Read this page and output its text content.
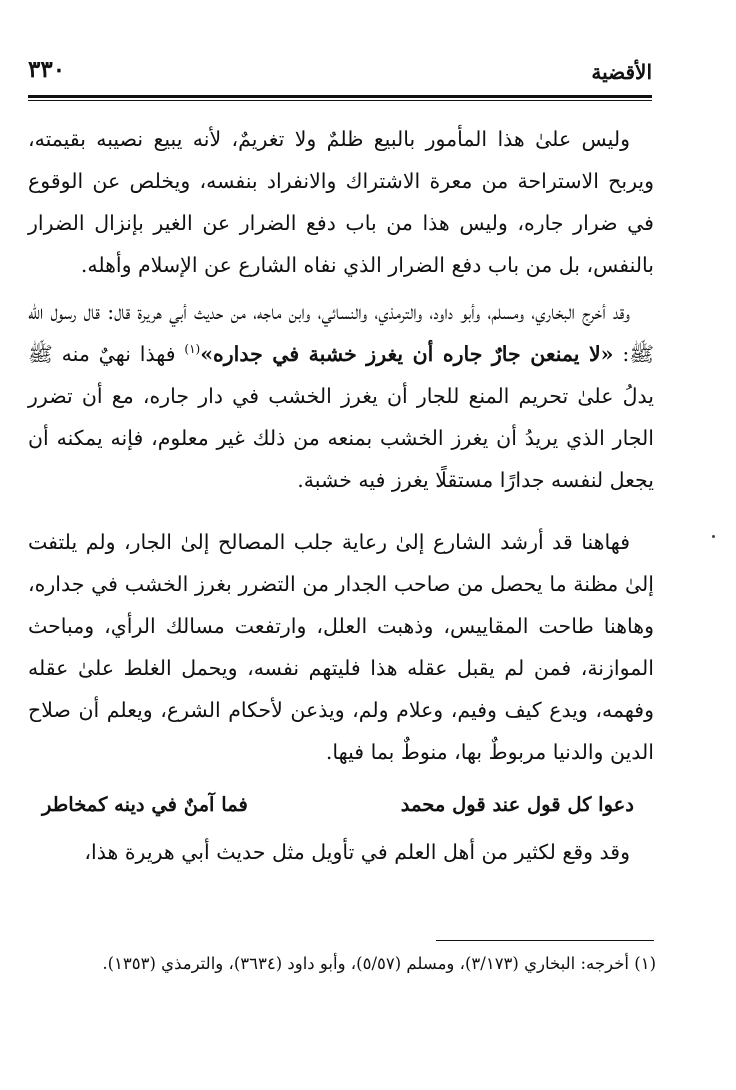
الأقضية
٣٣٠

وليس علىٰ هذا المأمور بالبيع ظلمٌ ولا تغريمٌ، لأنه يبيع نصيبه بقيمته، ويربح الاستراحة من معرة الاشتراك والانفراد بنفسه، ويخلص عن الوقوع في ضرار جاره، وليس هذا من باب دفع الضرار عن الغير بإنزال الضرار بالنفس، بل من باب دفع الضرار الذي نفاه الشارع عن الإسلام وأهله.

وقد أخرج البخاري، ومسلم، وأبو داود، والترمذي، والنسائي، وابن ماجه، من حديث أبي هريرة قال: قال رسول اللّٰه ﷺ: «لا يمنعن جارٌ جاره أن يغرز خشبة في جداره»$^{(١)}$ فهذا نهيٌ منه ﷺ يدلُ علىٰ تحريم المنع للجار أن يغرز الخشب في دار جاره، مع أن تضرر الجار الذي يريدُ أن يغرز الخشب بمنعه من ذلك غير معلوم، فإنه يمكنه أن يجعل لنفسه جدارًا مستقلًا يغرز فيه خشبة.

فهاهنا قد أرشد الشارع إلىٰ رعاية جلب المصالح إلىٰ الجار، ولم يلتفت إلىٰ مظنة ما يحصل من صاحب الجدار من التضرر بغرز الخشب في جداره، وهاهنا طاحت المقاييس، وذهبت العلل، وارتفعت مسالك الرأي، ومباحث الموازنة، فمن لم يقبل عقله هذا فليتهم نفسه، ويحمل الغلط علىٰ عقله وفهمه، ويدع كيف وفيم، وعلام ولم، ويذعن لأحكام الشرع، ويعلم أن صلاح الدين والدنيا مربوطٌ بها، منوطٌ بما فيها.

دعوا كل قول عند قول محمد
فما آمنٌ في دينه كمخاطر

وقد وقع لكثير من أهل العلم في تأويل مثل حديث أبي هريرة هذا،

(١) أخرجه: البخاري (٣/١٧٣)، ومسلم (٥/٥٧)، وأبو داود (٣٦٣٤)، والترمذي (١٣٥٣).
